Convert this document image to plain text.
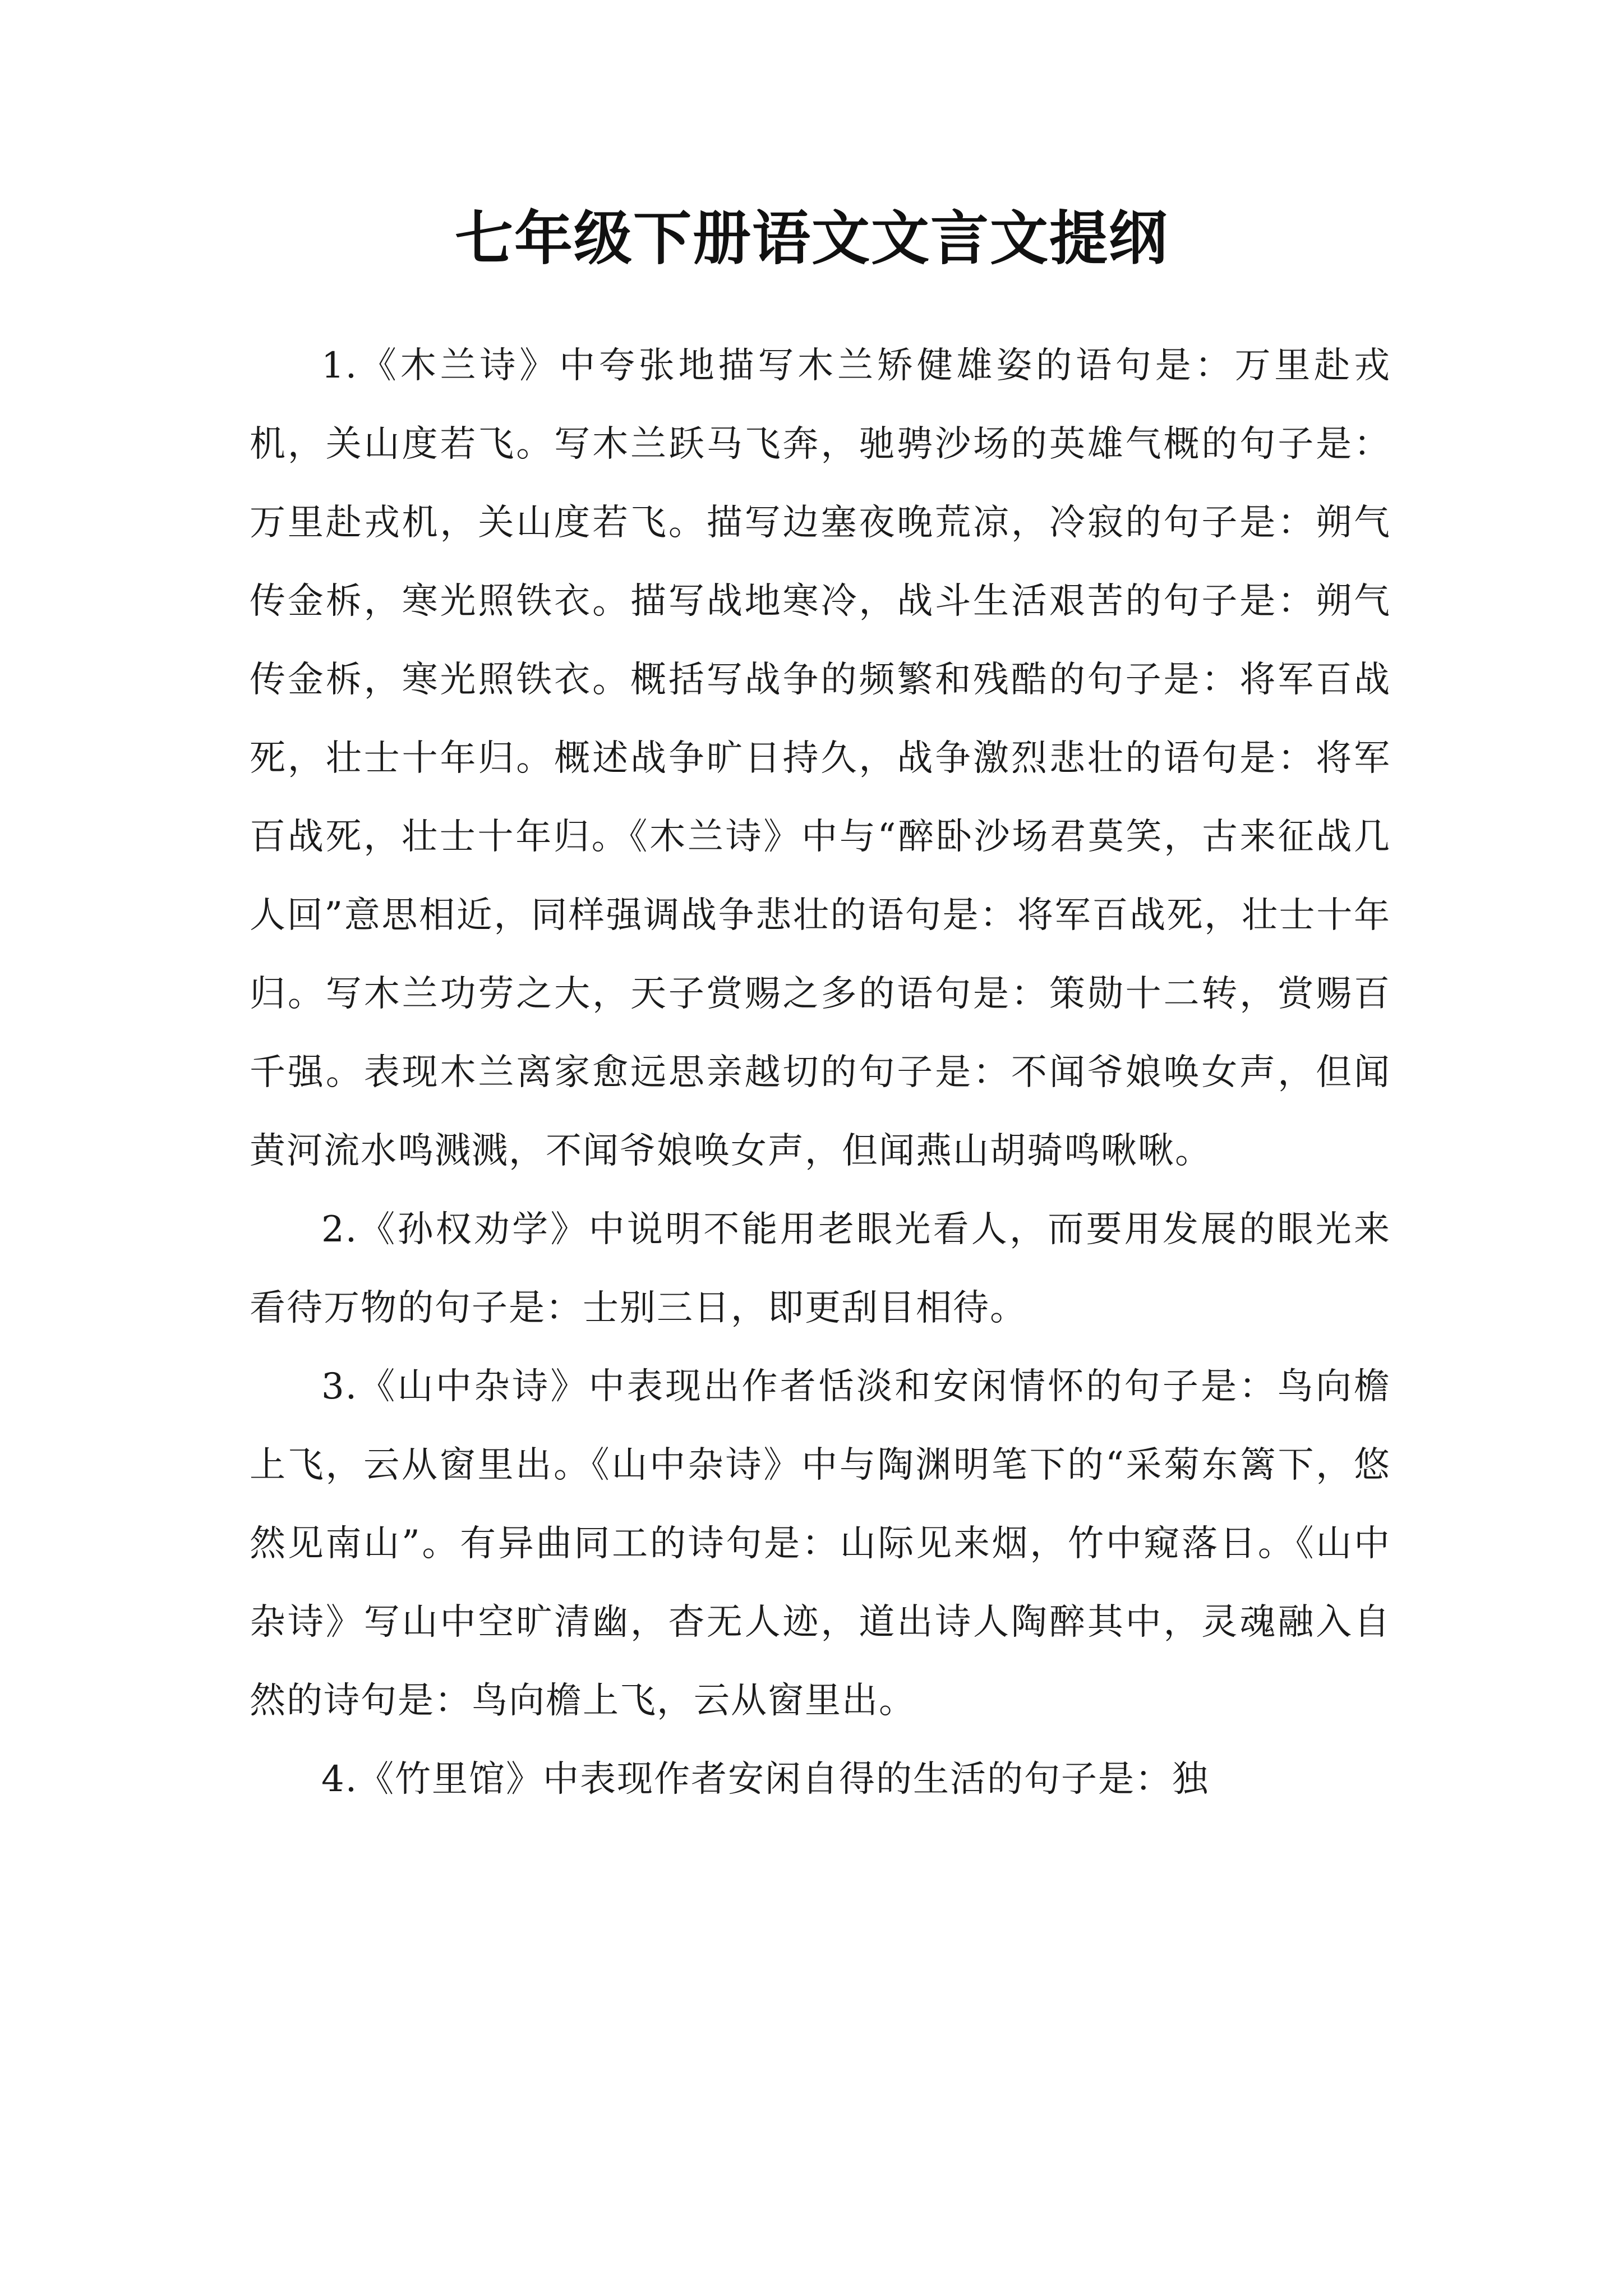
七年级下册语文文言文提纲

1.《木兰诗》中夸张地描写木兰矫健雄姿的语句是：万里赴戎机，关山度若飞。写木兰跃马飞奔，驰骋沙场的英雄气概的句子是：万里赴戎机，关山度若飞。描写边塞夜晚荒凉，冷寂的句子是：朔气传金柝，寒光照铁衣。描写战地寒冷，战斗生活艰苦的句子是：朔气传金柝，寒光照铁衣。概括写战争的频繁和残酷的句子是：将军百战死，壮士十年归。概述战争旷日持久，战争激烈悲壮的语句是：将军百战死，壮士十年归。《木兰诗》中与“醉卧沙场君莫笑，古来征战几人回”意思相近，同样强调战争悲壮的语句是：将军百战死，壮士十年归。写木兰功劳之大，天子赏赐之多的语句是：策勋十二转，赏赐百千强。表现木兰离家愈远思亲越切的句子是：不闻爷娘唤女声，但闻黄河流水鸣溅溅，不闻爷娘唤女声，但闻燕山胡骑鸣啾啾。

2.《孙权劝学》中说明不能用老眼光看人，而要用发展的眼光来看待万物的句子是：士别三日，即更刮目相待。

3.《山中杂诗》中表现出作者恬淡和安闲情怀的句子是：鸟向檐上飞，云从窗里出。《山中杂诗》中与陶渊明笔下的“采菊东篱下，悠然见南山”。有异曲同工的诗句是：山际见来烟，竹中窥落日。《山中杂诗》写山中空旷清幽，杳无人迹，道出诗人陶醉其中，灵魂融入自然的诗句是：鸟向檐上飞，云从窗里出。

4.《竹里馆》中表现作者安闲自得的生活的句子是：独
